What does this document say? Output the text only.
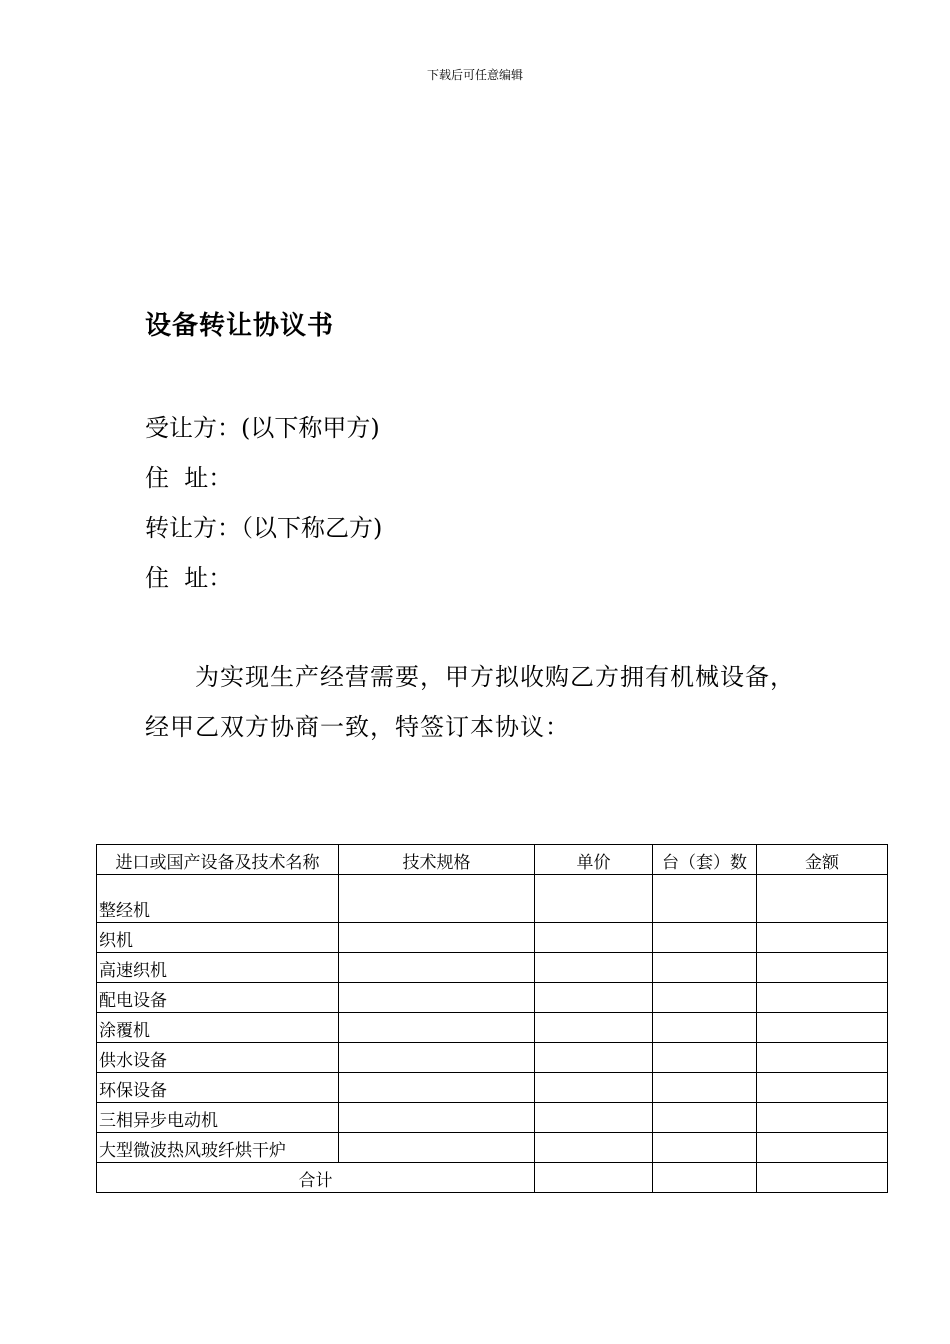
下载后可任意编辑
设备转让协议书
受让方：(以下称甲方)
住  址：
转让方：（以下称乙方)
住  址：
为实现生产经营需要，甲方拟收购乙方拥有机械设备，
经甲乙双方协商一致，特签订本协议：
进口或国产设备及技术名称	技术规格	单价	台（套）数	金额
整经机				
织机				
高速织机				
配电设备				
涂覆机				
供水设备				
环保设备				
三相异步电动机				
大型微波热风玻纤烘干炉				
合计				
